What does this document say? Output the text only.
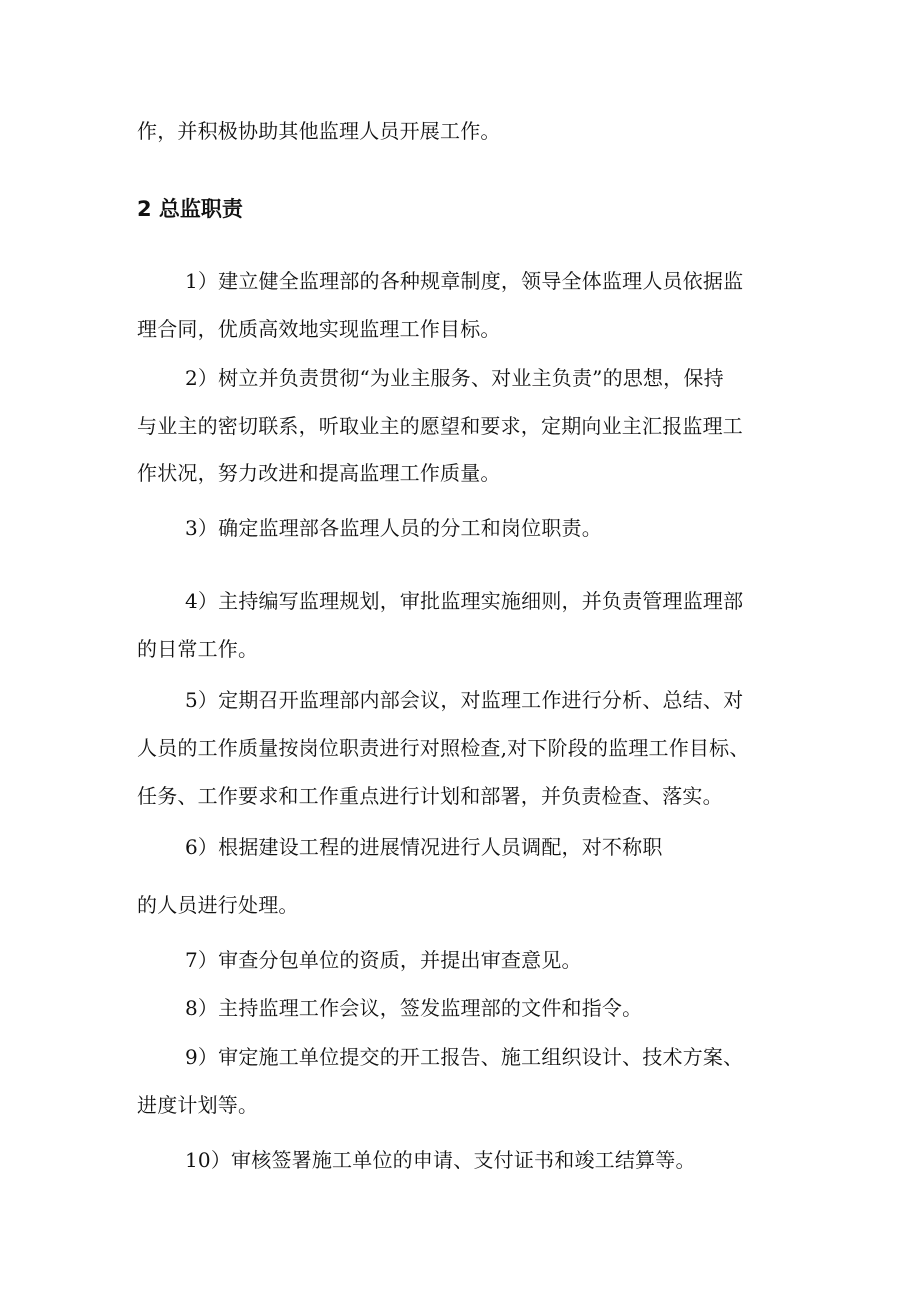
作，并积极协助其他监理人员开展工作。
2 总监职责
1）建立健全监理部的各种规章制度，领导全体监理人员依据监
理合同，优质高效地实现监理工作目标。
2）树立并负责贯彻“为业主服务、对业主负责”的思想，保持
与业主的密切联系，听取业主的愿望和要求，定期向业主汇报监理工
作状况，努力改进和提高监理工作质量。
3）确定监理部各监理人员的分工和岗位职责。
4）主持编写监理规划，审批监理实施细则，并负责管理监理部
的日常工作。
5）定期召开监理部内部会议，对监理工作进行分析、总结、对
人员的工作质量按岗位职责进行对照检查,对下阶段的监理工作目标、
任务、工作要求和工作重点进行计划和部署，并负责检查、落实。
6）根据建设工程的进展情况进行人员调配，对不称职
的人员进行处理。
7）审查分包单位的资质，并提出审查意见。
8）主持监理工作会议，签发监理部的文件和指令。
9）审定施工单位提交的开工报告、施工组织设计、技术方案、
进度计划等。
10）审核签署施工单位的申请、支付证书和竣工结算等。
